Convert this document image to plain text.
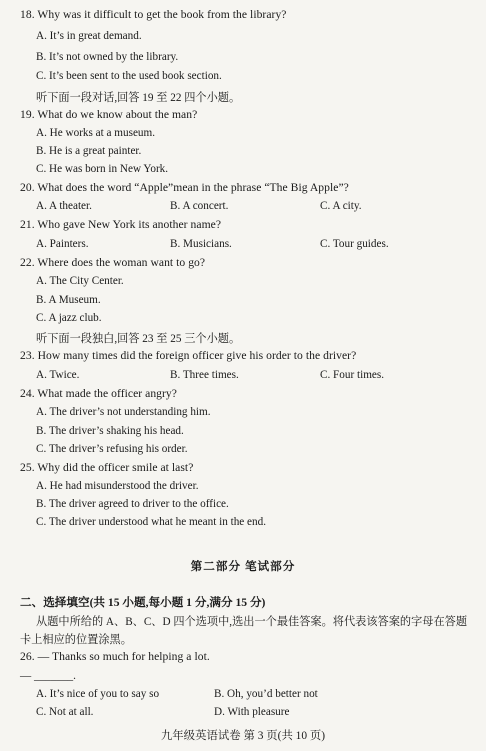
18. Why was it difficult to get the book from the library?
A. It’s in great demand.
B. It’s not owned by the library.
C. It’s been sent to the used book section.
听下面一段对话,回答 19 至 22 四个小题。
19. What do we know about the man?
A. He works at a museum.
B. He is a great painter.
C. He was born in New York.
20. What does the word “Apple”mean in the phrase “The Big Apple”?
A. A theater.	B. A concert.	C. A city.
21. Who gave New York its another name?
A. Painters.	B. Musicians.	C. Tour guides.
22. Where does the woman want to go?
A. The City Center.
B. A Museum.
C. A jazz club.
听下面一段独白,回答 23 至 25 三个小题。
23. How many times did the foreign officer give his order to the driver?
A. Twice.	B. Three times.	C. Four times.
24. What made the officer angry?
A. The driver’s not understanding him.
B. The driver’s shaking his head.
C. The driver’s refusing his order.
25. Why did the officer smile at last?
A. He had misunderstood the driver.
B. The driver agreed to driver to the office.
C. The driver understood what he meant in the end.
第二部分 笔试部分
二、选择填空(共 15 小题,每小题 1 分,满分 15 分)
从题中所给的 A、B、C、D 四个选项中,选出一个最佳答案。将代表该答案的字母在答题
卡上相应的位置涂黑。
26. — Thanks so much for helping a lot.
— _______.
A. It’s nice of you to say so	B. Oh, you’d better not
C. Not at all.	D. With pleasure
九年级英语试卷 第 3 页(共 10 页)
